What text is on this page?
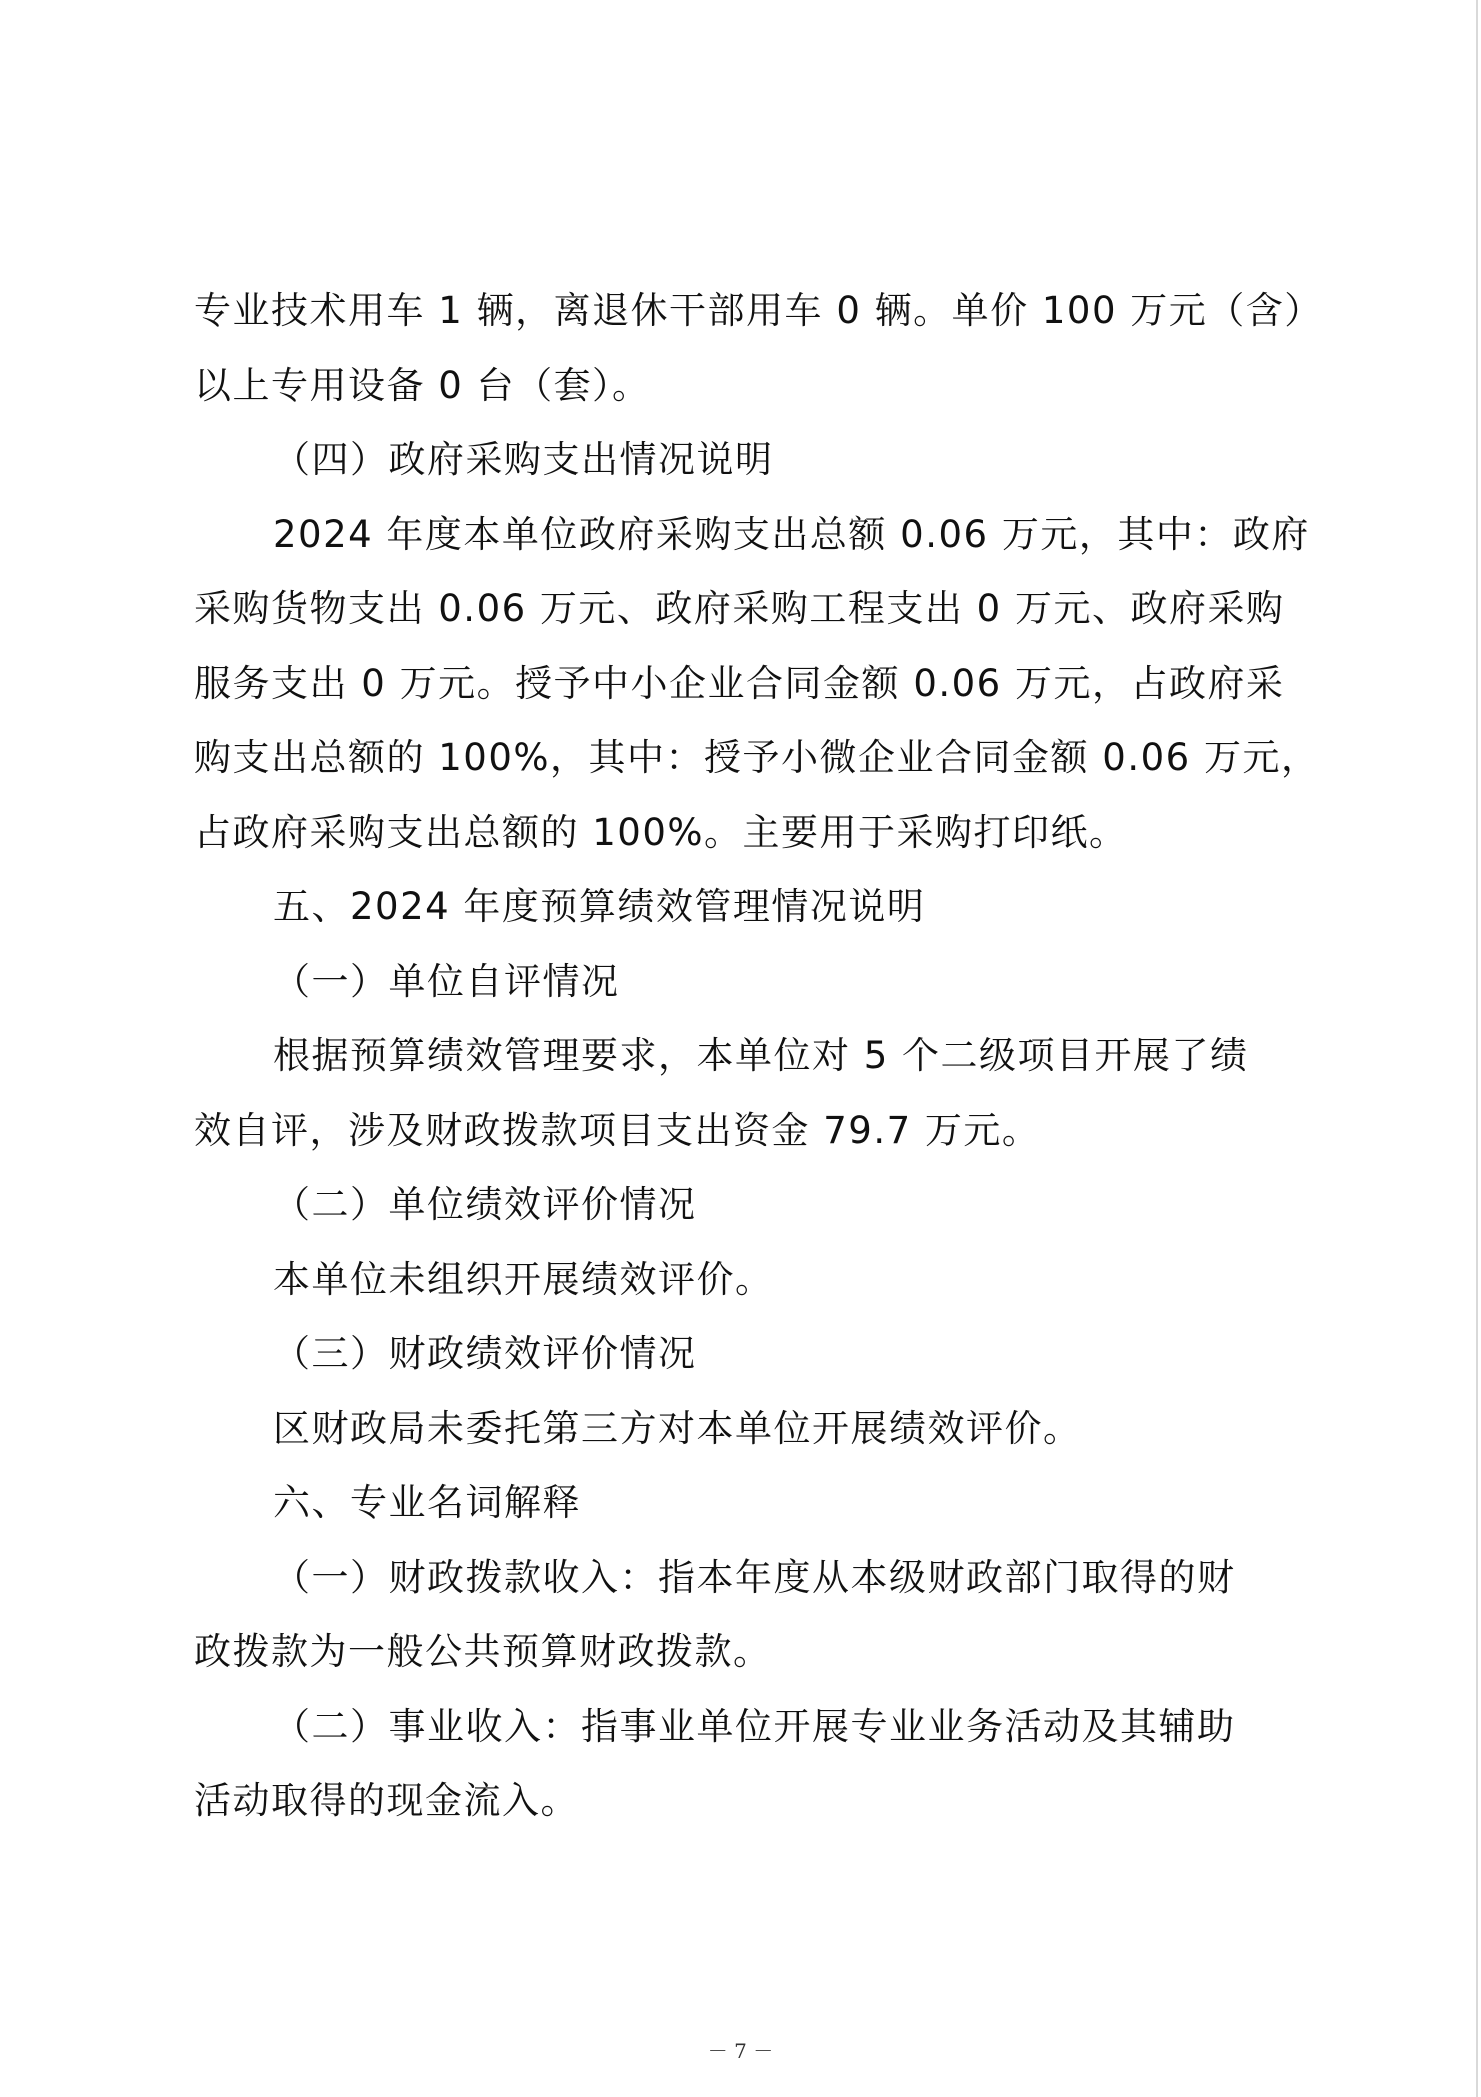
专业技术用车 1 辆，离退休干部用车 0 辆。单价 100 万元（含）
以上专用设备 0 台（套）。
（四）政府采购支出情况说明
2024 年度本单位政府采购支出总额 0.06 万元，其中：政府
采购货物支出 0.06 万元、政府采购工程支出 0 万元、政府采购
服务支出 0 万元。授予中小企业合同金额 0.06 万元，占政府采
购支出总额的 100%，其中：授予小微企业合同金额 0.06 万元，
占政府采购支出总额的 100%。主要用于采购打印纸。
五、2024 年度预算绩效管理情况说明
（一）单位自评情况
根据预算绩效管理要求，本单位对 5 个二级项目开展了绩
效自评，涉及财政拨款项目支出资金 79.7 万元。
（二）单位绩效评价情况
本单位未组织开展绩效评价。
（三）财政绩效评价情况
区财政局未委托第三方对本单位开展绩效评价。
六、专业名词解释
（一）财政拨款收入：指本年度从本级财政部门取得的财
政拨款为一般公共预算财政拨款。
（二）事业收入：指事业单位开展专业业务活动及其辅助
活动取得的现金流入。
－ 7 －
